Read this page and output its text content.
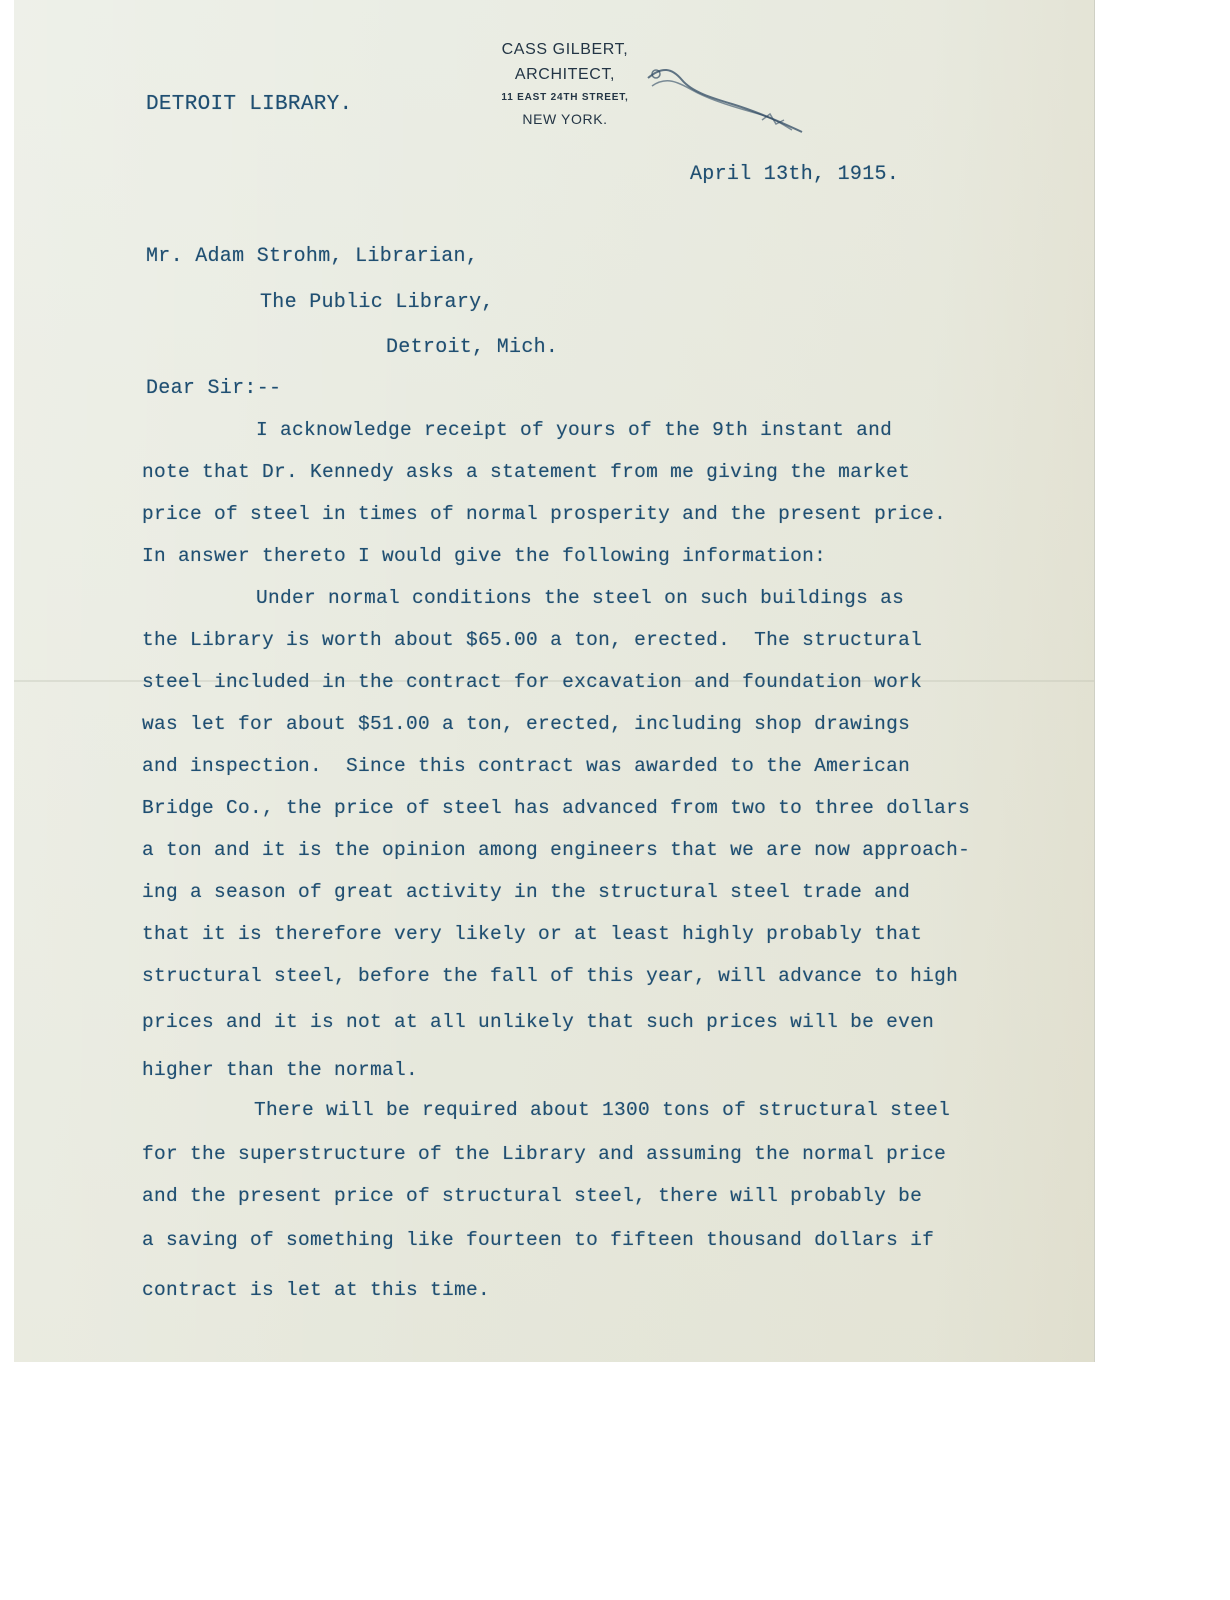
CASS GILBERT,
ARCHITECT,
11 EAST 24TH STREET,
NEW YORK.
DETROIT LIBRARY.
April 13th, 1915.
Mr. Adam Strohm, Librarian,
The Public Library,
Detroit, Mich.
Dear Sir:--
I acknowledge receipt of yours of the 9th instant and
note that Dr. Kennedy asks a statement from me giving the market
price of steel in times of normal prosperity and the present price.
In answer thereto I would give the following information:
Under normal conditions the steel on such buildings as
the Library is worth about $65.00 a ton, erected.  The structural
steel included in the contract for excavation and foundation work
was let for about $51.00 a ton, erected, including shop drawings
and inspection.  Since this contract was awarded to the American
Bridge Co., the price of steel has advanced from two to three dollars
a ton and it is the opinion among engineers that we are now approach-
ing a season of great activity in the structural steel trade and
that it is therefore very likely or at least highly probably that
structural steel, before the fall of this year, will advance to high
prices and it is not at all unlikely that such prices will be even
higher than the normal.
There will be required about 1300 tons of structural steel
for the superstructure of the Library and assuming the normal price
and the present price of structural steel, there will probably be
a saving of something like fourteen to fifteen thousand dollars if
contract is let at this time.
